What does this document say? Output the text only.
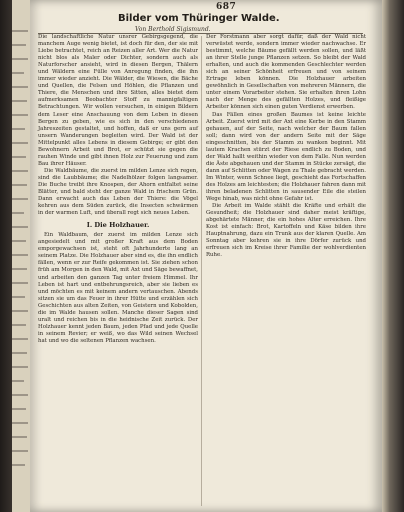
687
Bilder vom Thüringer Walde.
Von Berthold Sigismund.
Die landschaftliche Natur unsrer Gebirgsgegend, die manchem Auge wenig bietet, ist doch für den, der sie mit Liebe betrachtet, reich an Reizen aller Art. Wer die Natur nicht blos als Maler oder Dichter, sondern auch als Naturforscher ansieht, wird in diesen Bergen, Thälern und Wäldern eine Fülle von Anregung finden, die ihn immer wieder anzieht. Die Wälder, die Wiesen, die Bäche und Quellen, die Felsen und Höhlen, die Pflanzen und Thiere, die Menschen und ihre Sitten, alles bietet dem aufmerksamen Beobachter Stoff zu mannigfaltigen Betrachtungen. Wir wollen versuchen, in einigen Bildern dem Leser eine Anschauung von dem Leben in diesen Bergen zu geben, wie es sich in den verschiedenen Jahreszeiten gestaltet, und hoffen, daß er uns gern auf unsern Wanderungen begleiten wird. Der Wald ist der Mittelpunkt alles Lebens in diesem Gebirge; er gibt den Bewohnern Arbeit und Brot, er schützt sie gegen die rauhen Winde und gibt ihnen Holz zur Feuerung und zum Bau ihrer Häuser.
Die Waldbäume, die zuerst im milden Lenze sich regen, sind die Laubbäume; die Nadelhölzer folgen langsamer. Die Buche treibt ihre Knospen, der Ahorn entfaltet seine Blätter, und bald steht der ganze Wald in frischem Grün. Dann erwacht auch das Leben der Thiere: die Vögel kehren aus dem Süden zurück, die Insecten schwärmen in der warmen Luft, und überall regt sich neues Leben.
I. Die Holzhauer.
Ein Waldbaum, der zuerst im milden Lenze sich angesiedelt und mit großer Kraft aus dem Boden emporgewachsen ist, steht oft Jahrhunderte lang an seinem Platze. Die Holzhauer aber sind es, die ihn endlich fällen, wenn er zur Reife gekommen ist. Sie ziehen schon früh am Morgen in den Wald, mit Axt und Säge bewaffnet, und arbeiten den ganzen Tag unter freiem Himmel. Ihr Leben ist hart und entbehrungsreich, aber sie lieben es und möchten es mit keinem andern vertauschen. Abends sitzen sie um das Feuer in ihrer Hütte und erzählen sich Geschichten aus alten Zeiten, von Geistern und Kobolden, die im Walde hausen sollen. Manche dieser Sagen sind uralt und reichen bis in die heidnische Zeit zurück. Der Holzhauer kennt jeden Baum, jeden Pfad und jede Quelle in seinem Revier; er weiß, wo das Wild seinen Wechsel hat und wo die seltenen Pflanzen wachsen.
Der Forstmann aber sorgt dafür, daß der Wald nicht verwüstet werde, sondern immer wieder nachwachse. Er bestimmt, welche Bäume gefällt werden sollen, und läßt an ihrer Stelle junge Pflanzen setzen. So bleibt der Wald erhalten, und auch die kommenden Geschlechter werden sich an seiner Schönheit erfreuen und von seinem Ertrage leben können. Die Holzhauer arbeiten gewöhnlich in Gesellschaften von mehreren Männern, die unter einem Vorarbeiter stehen. Sie erhalten ihren Lohn nach der Menge des gefällten Holzes, und fleißige Arbeiter können sich einen guten Verdienst erwerben.
Das Fällen eines großen Baumes ist keine leichte Arbeit. Zuerst wird mit der Axt eine Kerbe in den Stamm gehauen, auf der Seite, nach welcher der Baum fallen soll; dann wird von der andern Seite mit der Säge eingeschnitten, bis der Stamm zu wanken beginnt. Mit lautem Krachen stürzt der Riese endlich zu Boden, und der Wald hallt weithin wieder von dem Falle. Nun werden die Äste abgehauen und der Stamm in Stücke zersägt, die dann auf Schlitten oder Wagen zu Thale gebracht werden. Im Winter, wenn Schnee liegt, geschieht das Fortschaffen des Holzes am leichtesten; die Holzhauer fahren dann mit ihren beladenen Schlitten in sausender Eile die steilen Wege hinab, was nicht ohne Gefahr ist.
Die Arbeit im Walde stählt die Kräfte und erhält die Gesundheit; die Holzhauer sind daher meist kräftige, abgehärtete Männer, die ein hohes Alter erreichen. Ihre Kost ist einfach: Brot, Kartoffeln und Käse bilden ihre Hauptnahrung, dazu ein Trunk aus der klaren Quelle. Am Sonntag aber kehren sie in ihre Dörfer zurück und erfreuen sich im Kreise ihrer Familie der wohlverdienten Ruhe.
